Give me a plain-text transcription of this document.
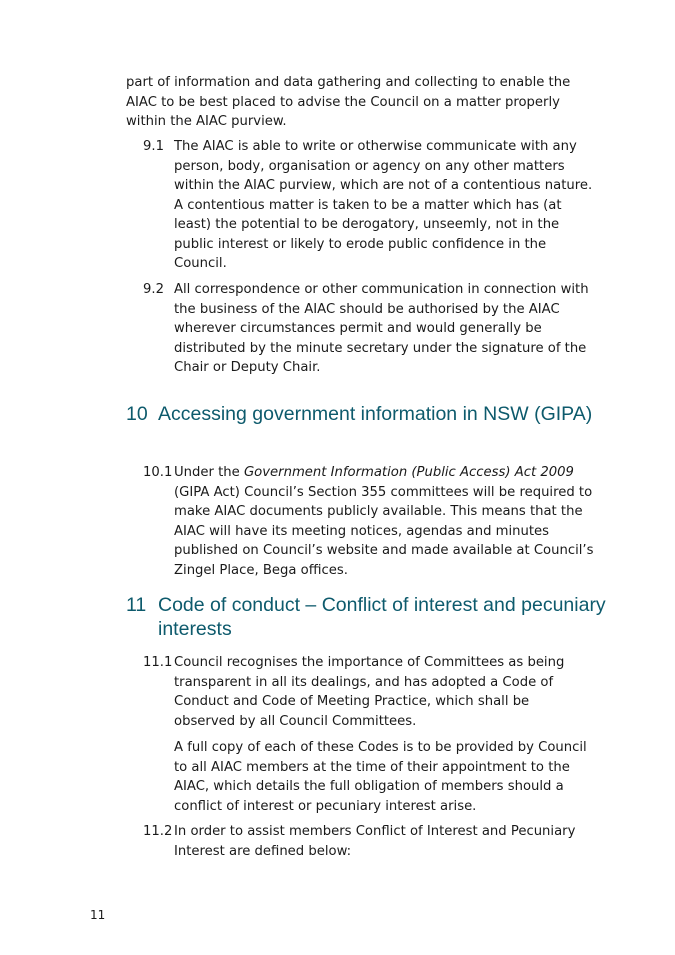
part of information and data gathering and collecting to enable the AIAC to be best placed to advise the Council on a matter properly within the AIAC purview.

9.1 The AIAC is able to write or otherwise communicate with any person, body, organisation or agency on any other matters within the AIAC purview, which are not of a contentious nature. A contentious matter is taken to be a matter which has (at least) the potential to be derogatory, unseemly, not in the public interest or likely to erode public confidence in the Council.

9.2 All correspondence or other communication in connection with the business of the AIAC should be authorised by the AIAC wherever circumstances permit and would generally be distributed by the minute secretary under the signature of the Chair or Deputy Chair.

10 Accessing government information in NSW (GIPA)
10.1 Under the Government Information (Public Access) Act 2009 (GIPA Act) Council’s Section 355 committees will be required to make AIAC documents publicly available. This means that the AIAC will have its meeting notices, agendas and minutes published on Council’s website and made available at Council’s Zingel Place, Bega offices.

11 Code of conduct – Conflict of interest and pecuniary interests
11.1 Council recognises the importance of Committees as being transparent in all its dealings, and has adopted a Code of Conduct and Code of Meeting Practice, which shall be observed by all Council Committees.

A full copy of each of these Codes is to be provided by Council to all AIAC members at the time of their appointment to the AIAC, which details the full obligation of members should a conflict of interest or pecuniary interest arise.

11.2 In order to assist members Conflict of Interest and Pecuniary Interest are defined below:

11
